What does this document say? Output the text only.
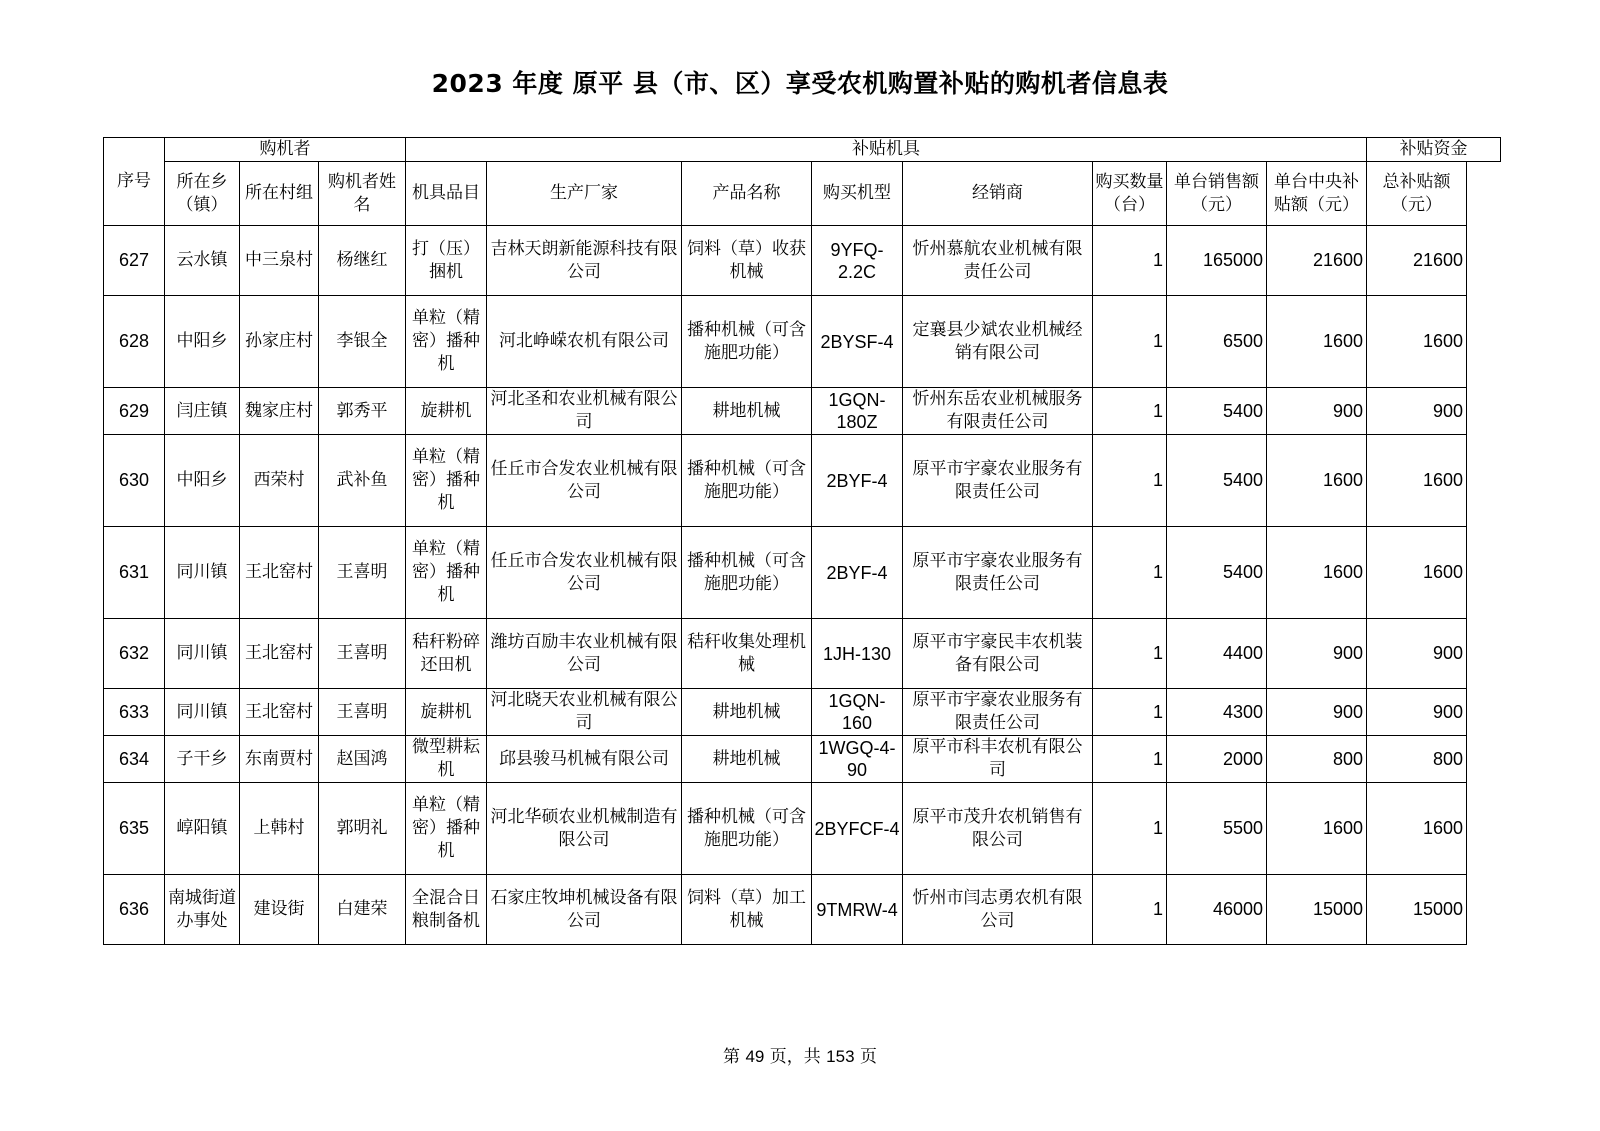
2023 年度 原平 县（市、区）享受农机购置补贴的购机者信息表
序号	购机者			补贴机具								补贴资金
	所在乡（镇）	所在村组	购机者姓名	机具品目	生产厂家	产品名称	购买机型	经销商	购买数量（台）	单台销售额（元）	单台中央补贴额（元）	总补贴额（元）
627	云水镇	中三泉村	杨继红	打（压）捆机	吉林天朗新能源科技有限公司	饲料（草）收获机械	9YFQ-2.2C	忻州慕航农业机械有限责任公司	1	165000	21600	21600
628	中阳乡	孙家庄村	李银全	单粒（精密）播种机	河北峥嵘农机有限公司	播种机械（可含施肥功能）	2BYSF-4	定襄县少斌农业机械经销有限公司	1	6500	1600	1600
629	闫庄镇	魏家庄村	郭秀平	旋耕机	河北圣和农业机械有限公司	耕地机械	1GQN-180Z	忻州东岳农业机械服务有限责任公司	1	5400	900	900
630	中阳乡	西荣村	武补鱼	单粒（精密）播种机	任丘市合发农业机械有限公司	播种机械（可含施肥功能）	2BYF-4	原平市宇豪农业服务有限责任公司	1	5400	1600	1600
631	同川镇	王北窑村	王喜明	单粒（精密）播种机	任丘市合发农业机械有限公司	播种机械（可含施肥功能）	2BYF-4	原平市宇豪农业服务有限责任公司	1	5400	1600	1600
632	同川镇	王北窑村	王喜明	秸秆粉碎还田机	潍坊百励丰农业机械有限公司	秸秆收集处理机械	1JH-130	原平市宇豪民丰农机装备有限公司	1	4400	900	900
633	同川镇	王北窑村	王喜明	旋耕机	河北晓天农业机械有限公司	耕地机械	1GQN-160	原平市宇豪农业服务有限责任公司	1	4300	900	900
634	子干乡	东南贾村	赵国鸿	微型耕耘机	邱县骏马机械有限公司	耕地机械	1WGQ-4-90	原平市科丰农机有限公司	1	2000	800	800
635	崞阳镇	上韩村	郭明礼	单粒（精密）播种机	河北华硕农业机械制造有限公司	播种机械（可含施肥功能）	2BYFCF-4	原平市茂升农机销售有限公司	1	5500	1600	1600
636	南城街道办事处	建设街	白建荣	全混合日粮制备机	石家庄牧坤机械设备有限公司	饲料（草）加工机械	9TMRW-4	忻州市闫志勇农机有限公司	1	46000	15000	15000
第 49 页，共 153 页
